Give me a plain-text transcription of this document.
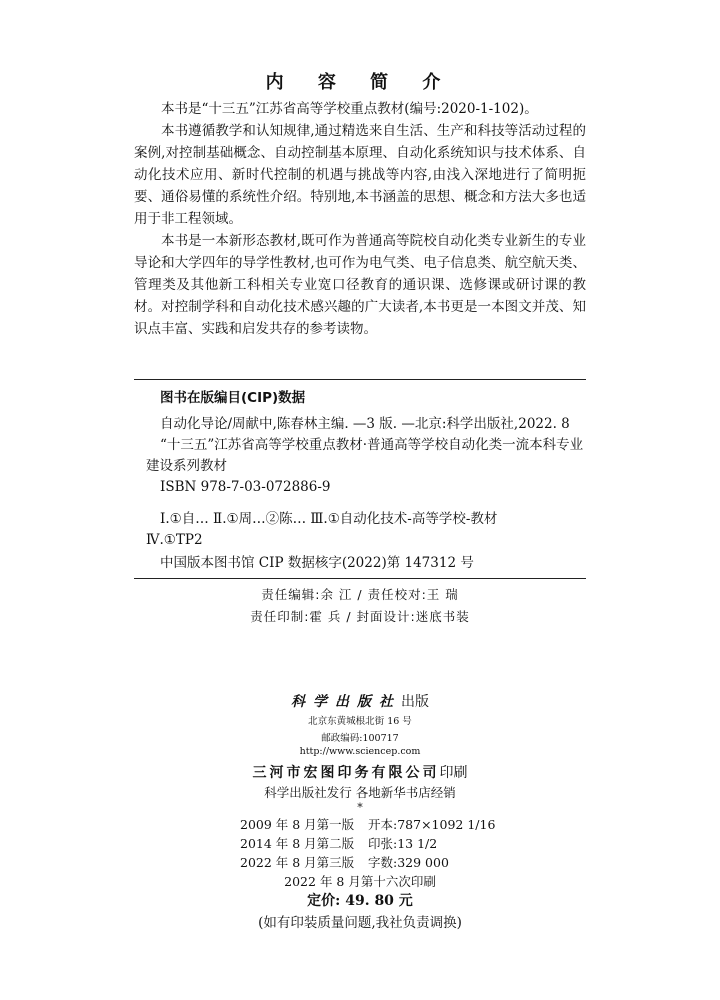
内 容 简 介

本书是“十三五”江苏省高等学校重点教材(编号:2020-1-102)。

本书遵循教学和认知规律,通过精选来自生活、生产和科技等活动过程的案例,对控制基础概念、自动控制基本原理、自动化系统知识与技术体系、自动化技术应用、新时代控制的机遇与挑战等内容,由浅入深地进行了简明扼要、通俗易懂的系统性介绍。特别地,本书涵盖的思想、概念和方法大多也适用于非工程领域。

本书是一本新形态教材,既可作为普通高等院校自动化类专业新生的专业导论和大学四年的导学性教材,也可作为电气类、电子信息类、航空航天类、管理类及其他新工科相关专业宽口径教育的通识课、选修课或研讨课的教材。对控制学科和自动化技术感兴趣的广大读者,本书更是一本图文并茂、知识点丰富、实践和启发共存的参考读物。

图书在版编目(CIP)数据
自动化导论/周献中,陈春林主编. —3 版. —北京:科学出版社,2022. 8
“十三五”江苏省高等学校重点教材·普通高等学校自动化类一流本科专业建设系列教材
ISBN 978-7-03-072886-9
Ⅰ.①自… Ⅱ.①周…②陈… Ⅲ.①自动化技术-高等学校-教材
Ⅳ.①TP2
中国版本图书馆 CIP 数据核字(2022)第 147312 号
责任编辑:余 江 / 责任校对:王 瑞
责任印制:霍 兵 / 封面设计:迷底书装
科学出版社出版
北京东黄城根北街 16 号
邮政编码:100717
http://www.sciencep.com
三河市宏图印务有限公司印刷
科学出版社发行 各地新华书店经销
*
2009 年 8 月第一版	开本:787×1092 1/16
2014 年 8 月第二版	印张:13 1/2
2022 年 8 月第三版	字数:329 000
2022 年 8 月第十六次印刷
定价: 49. 80 元
(如有印装质量问题,我社负责调换)
